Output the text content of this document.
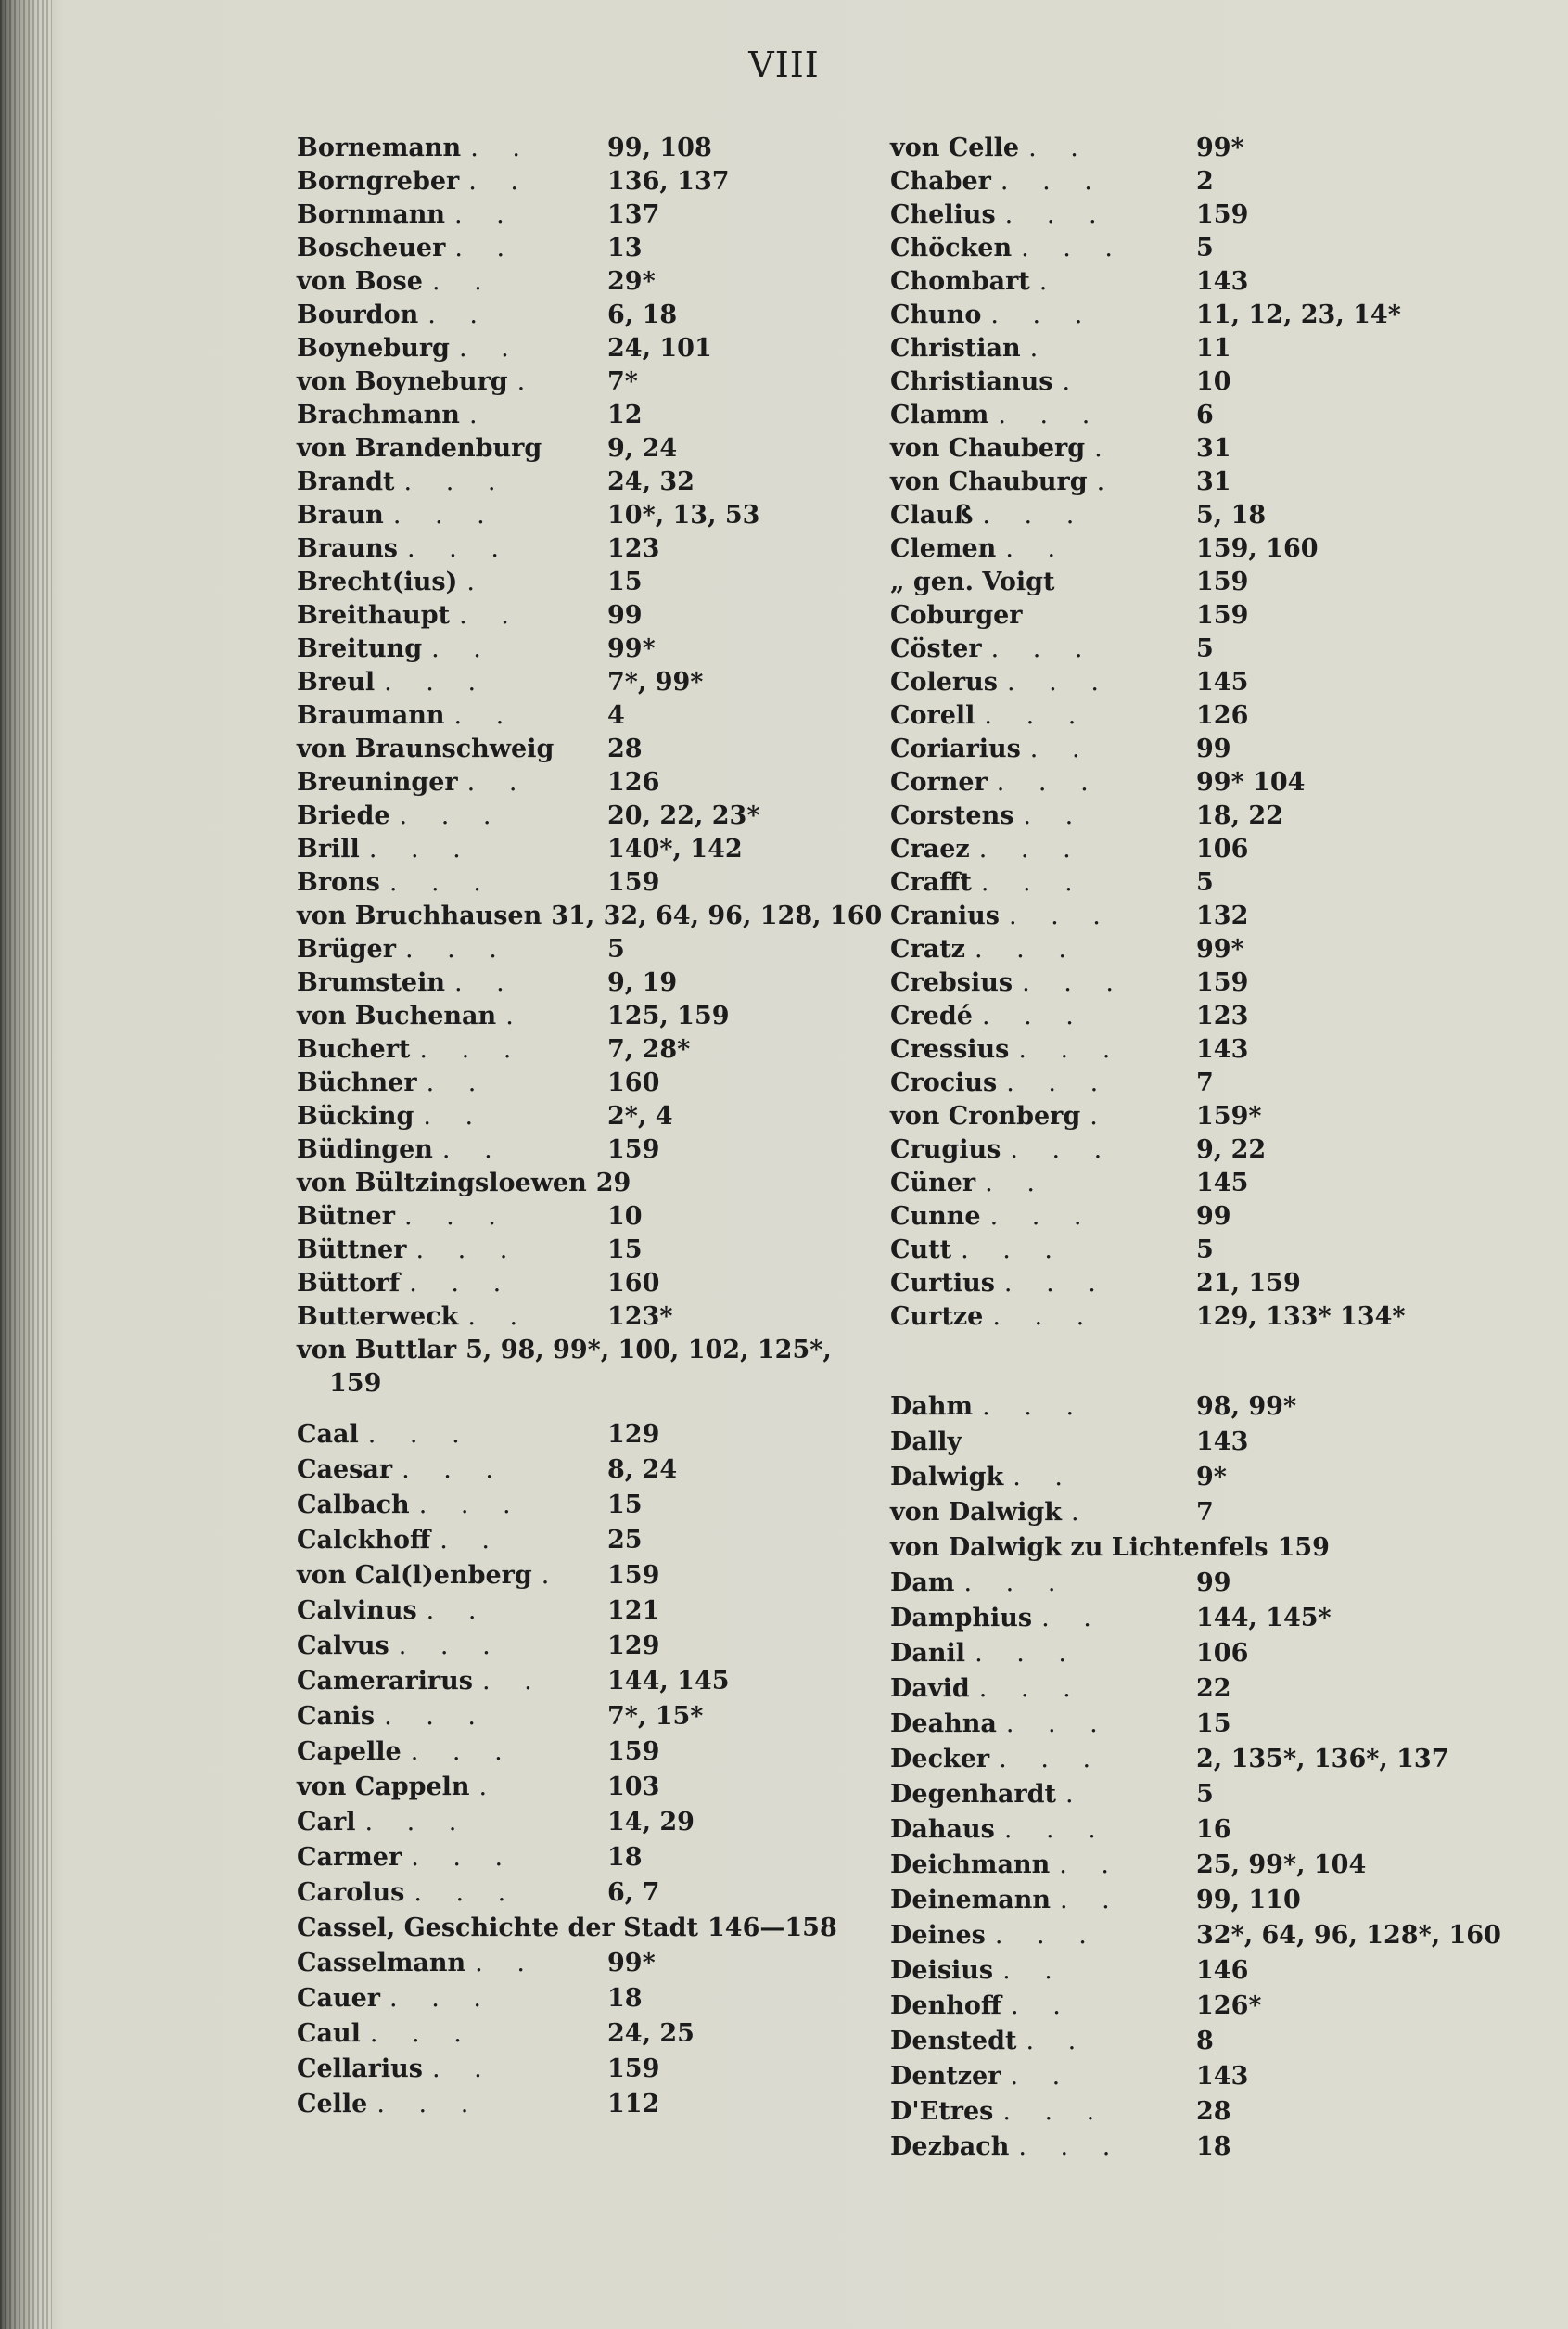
VIII
Bornemann . .	99, 108
Borngreber . .	136, 137
Bornmann . .	137
Boscheuer . .	13
von Bose . .	29*
Bourdon . .	6, 18
Boyneburg . .	24, 101
von Boyneburg .	7*
Brachmann .	12
von Brandenburg	9, 24
Brandt . . .	24, 32
Braun . . .	10*, 13, 53
Brauns . . .	123
Brecht(ius) .	15
Breithaupt . .	99
Breitung . .	99*
Breul . . .	7*, 99*
Braumann . .	4
von Braunschweig 28
Breuninger . .	126
Briede . . .	20, 22, 23*
Brill . . .	140*, 142
Brons . . .	159
von Bruchhausen 31, 32, 64, 96, 128, 160
Brüger . . .	5
Brumstein . .	9, 19
von Buchenan .	125, 159
Buchert . . .	7, 28*
Büchner . .	160
Bücking . .	2*, 4
Büdingen . .	159
von Bültzingsloewen 29
Bütner . . .	10
Büttner . . .	15
Büttorf . . .	160
Butterweck . .	123*
von Buttlar 5, 98, 99*, 100, 102, 125*,
159
Caal . . .	129
Caesar . . .	8, 24
Calbach . . .	15
Calckhoff . .	25
von Cal(l)enberg . 159
Calvinus . .	121
Calvus . . .	129
Camerarirus . . 144, 145
Canis . . .	7*, 15*
Capelle . . .	159
von Cappeln .	103
Carl . . .	14, 29
Carmer . . .	18
Carolus . . .	6, 7
Cassel, Geschichte der Stadt 146—158
Casselmann . .	99*
Cauer . . .	18
Caul . . .	24, 25
Cellarius . .	159
Celle . . .	112
von Celle . .	99*
Chaber . . .	2
Chelius . . .	159
Chöcken . . .	5
Chombart .	143
Chuno . . .	11, 12, 23, 14*
Christian .	11
Christianus .	10
Clamm . . .	6
von Chauberg .	31
von Chauburg .	31
Clauß . . .	5, 18
Clemen . .	159, 160
„ gen. Voigt	159
Coburger	159
Cöster . . .	5
Colerus . . .	145
Corell . . .	126
Coriarius . .	99
Corner . . .	99* 104
Corstens . .	18, 22
Craez . . .	106
Crafft . . .	5
Cranius . . .	132
Cratz . . .	99*
Crebsius . . .	159
Credé . . .	123
Cressius . . .	143
Crocius . . .	7
von Cronberg .	159*
Crugius . . .	9, 22
Cüner . .	145
Cunne . . .	99
Cutt . . .	5
Curtius . . .	21, 159
Curtze . . .	129, 133* 134*
Dahm . . .	98, 99*
Dally	143
Dalwigk . .	9*
von Dalwigk .	7
von Dalwigk zu Lichtenfels 159
Dam . . .	99
Damphius . .	144, 145*
Danil . . .	106
David . . .	22
Deahna . . .	15
Decker . . .	2, 135*, 136*, 137
Degenhardt .	5
Dahaus . . .	16
Deichmann . .	25, 99*, 104
Deinemann . .	99, 110
Deines . . .	32*, 64, 96, 128*, 160
Deisius . .	146
Denhoff . .	126*
Denstedt . .	8
Dentzer . .	143
D'Etres . . .	28
Dezbach . . .	18
